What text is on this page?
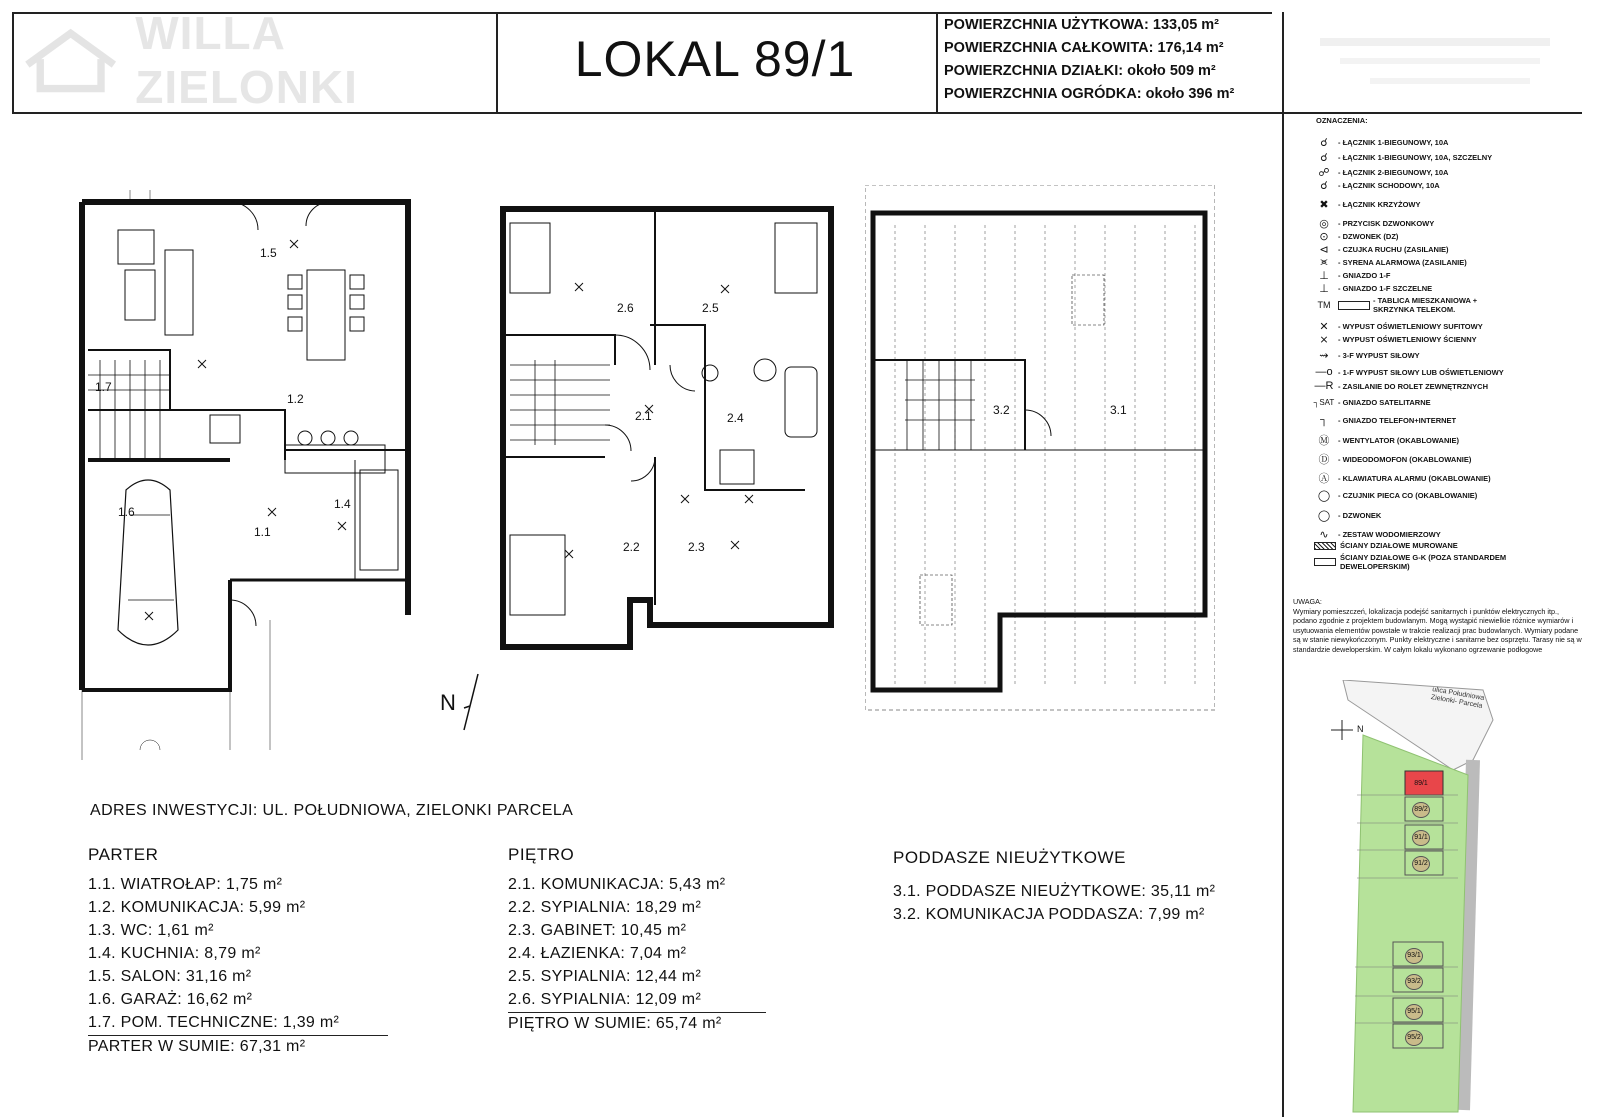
WILLA ZIELONKI	LOKAL 89/1
POWIERZCHNIA UŻYTKOWA: 133,05 m²
POWIERZCHNIA CAŁKOWITA: 176,14 m²
POWIERZCHNIA DZIAŁKI: około 509 m²
POWIERZCHNIA OGRÓDKA: około 396 m²
OZNACZENIA:
☌	- ŁĄCZNIK 1-BIEGUNOWY, 10A
☌	- ŁĄCZNIK 1-BIEGUNOWY, 10A, SZCZELNY
☍	- ŁĄCZNIK 2-BIEGUNOWY, 10A
☌	- ŁĄCZNIK SCHODOWY, 10A
✖	- ŁĄCZNIK KRZYŻOWY
◎	- PRZYCISK DZWONKOWY
⊙	- DZWONEK (DZ)
⊲	- CZUJKA RUCHU (ZASILANIE)
⪤	- SYRENA ALARMOWA (ZASILANIE)
⊥	- GNIAZDO 1-F
⊥	- GNIAZDO 1-F SZCZELNE
TM	- TABLICA MIESZKANIOWA + SKRZYNKA TELEKOM.
✕	- WYPUST OŚWIETLENIOWY SUFITOWY
⨯	- WYPUST OŚWIETLENIOWY ŚCIENNY
⇝	- 3-F WYPUST SIŁOWY
—o - 1-F WYPUST SIŁOWY LUB OŚWIETLENIOWY
—R - ZASILANIE DO ROLET ZEWNĘTRZNYCH
┐SAT - GNIAZDO SATELITARNE
┐	- GNIAZDO TELEFON+INTERNET
Ⓜ	- WENTYLATOR (OKABLOWANIE)
Ⓓ	- WIDEODOMOFON (OKABLOWANIE)
Ⓐ	- KLAWIATURA ALARMU (OKABLOWANIE)
◯	- CZUJNIK PIECA CO (OKABLOWANIE)
◯	- DZWONEK
∿	- ZESTAW WODOMIERZOWY
ŚCIANY DZIAŁOWE MUROWANE
ŚCIANY DZIAŁOWE G-K (POZA STANDARDEM DEWELOPERSKIM)
UWAGA:
Wymiary pomieszczeń, lokalizacja podejść sanitarnych i punktów elektrycznych itp., podano zgodnie z projektem budowlanym. Mogą wystąpić niewielkie różnice wymiarów i usytuowania elementów powstałe w trakcie realizacji prac budowlanych. Wymiary podane są w stanie niewykończonym. Punkty elektryczne i sanitarne bez osprzętu. Tarasy nie są w standardzie deweloperskim. W całym lokalu wykonano ogrzewanie podłogowe
ulica Południowa Zielonki- Parcela
N
89/1
89/2
91/1
91/2
93/1
93/2
95/1
95/2
1.5
1.2
1.4
1.1
1.6
1.7
2.6	2.5
2.1	2.4
2.2	2.3
N
3.2	3.1
ADRES INWESTYCJI: UL. POŁUDNIOWA, ZIELONKI PARCELA
PARTER
1.1. WIATROŁAP: 1,75 m²
1.2. KOMUNIKACJA: 5,99 m²
1.3. WC: 1,61 m²
1.4. KUCHNIA: 8,79 m²
1.5. SALON: 31,16 m²
1.6. GARAŻ: 16,62 m²
1.7. POM. TECHNICZNE: 1,39 m²
PARTER W SUMIE: 67,31 m²
PIĘTRO
2.1. KOMUNIKACJA: 5,43 m²
2.2. SYPIALNIA: 18,29 m²
2.3. GABINET: 10,45 m²
2.4. ŁAZIENKA: 7,04 m²
2.5. SYPIALNIA: 12,44 m²
2.6. SYPIALNIA: 12,09 m²
PIĘTRO W SUMIE: 65,74 m²
PODDASZE NIEUŻYTKOWE
3.1. PODDASZE NIEUŻYTKOWE: 35,11 m²
3.2. KOMUNIKACJA PODDASZA: 7,99 m²
